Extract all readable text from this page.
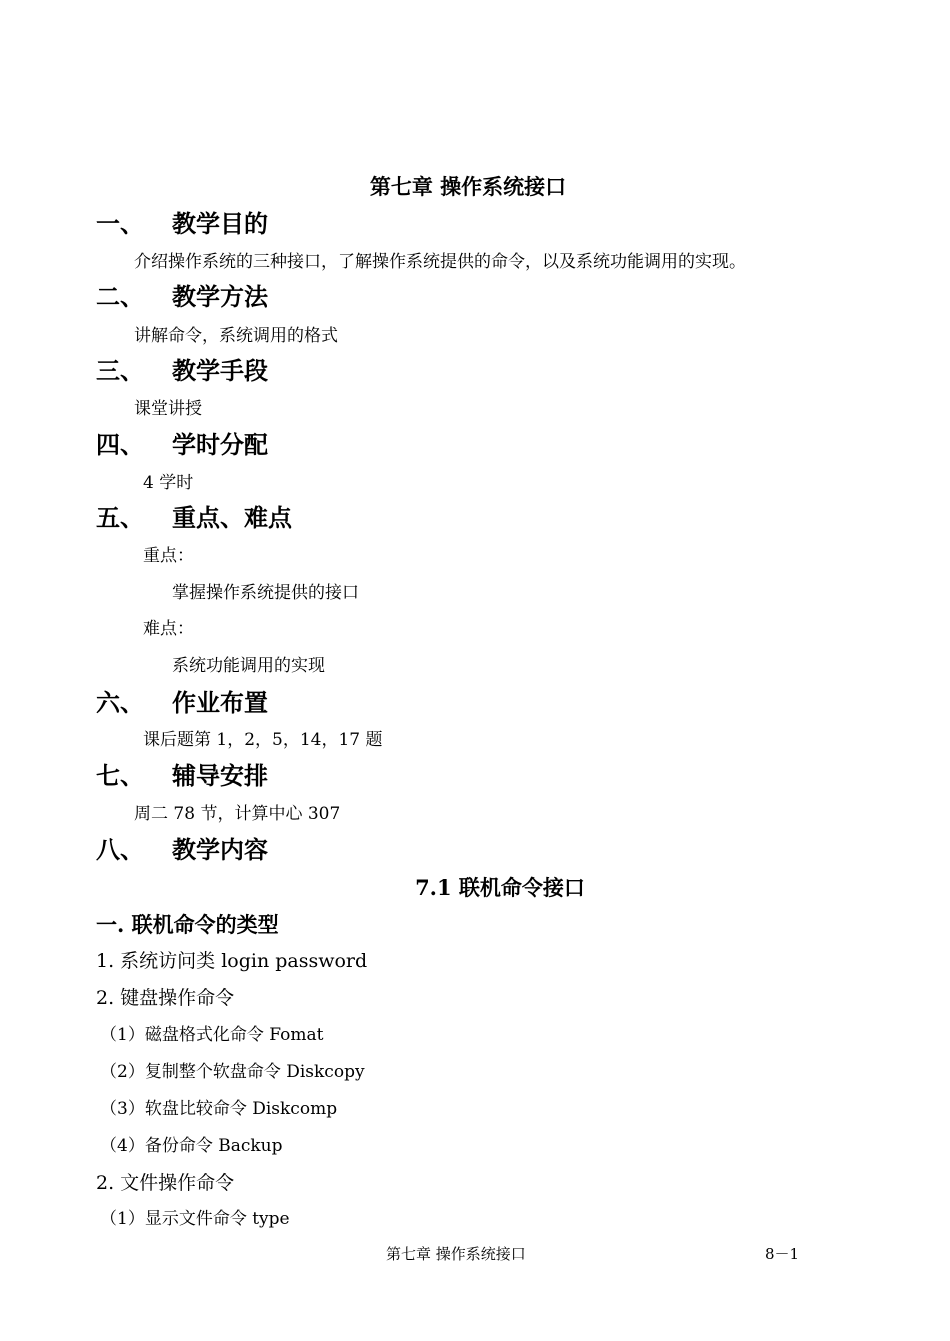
第七章 操作系统接口
一、 教学目的
介绍操作系统的三种接口，了解操作系统提供的命令，以及系统功能调用的实现。
二、 教学方法
讲解命令，系统调用的格式
三、 教学手段
课堂讲授
四、 学时分配
4 学时
五、 重点、难点
重点：
掌握操作系统提供的接口
难点：
系统功能调用的实现
六、 作业布置
课后题第 1，2，5，14，17 题
七、 辅导安排
周二 78 节，计算中心 307
八、 教学内容
7.1 联机命令接口
一. 联机命令的类型
1. 系统访问类 login password
2. 键盘操作命令
（1）磁盘格式化命令 Fomat
（2）复制整个软盘命令 Diskcopy
（3）软盘比较命令 Diskcomp
（4）备份命令 Backup
2. 文件操作命令
（1）显示文件命令 type
第七章 操作系统接口	8－1
